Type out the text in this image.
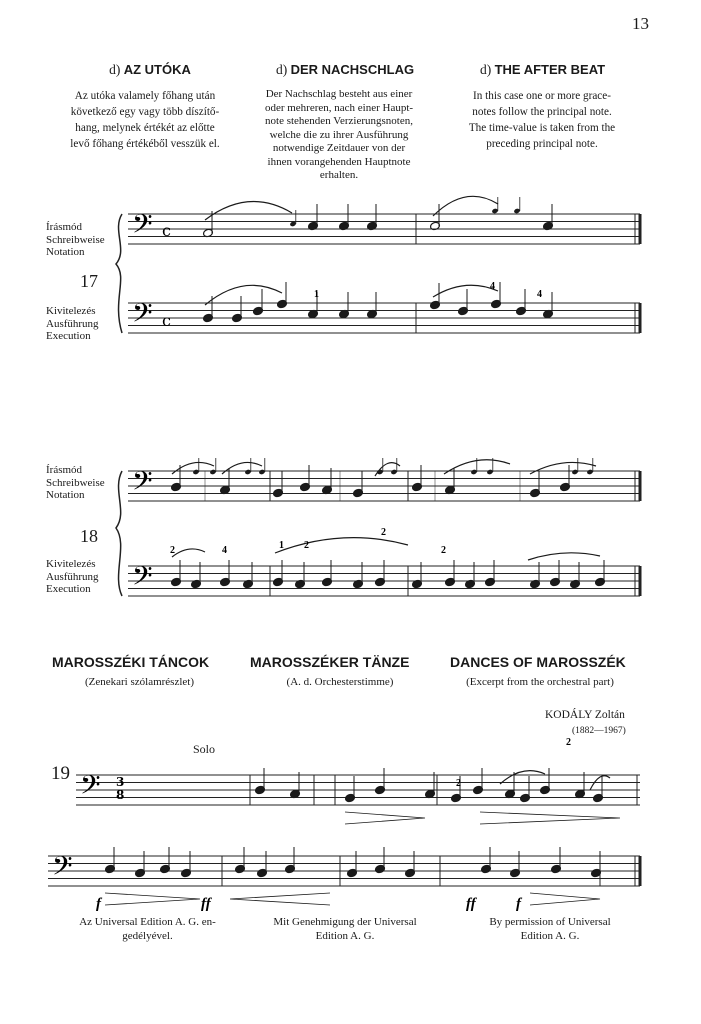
13
d) AZ UTÓKA	d) DER NACHSCHLAG	d) THE AFTER BEAT
Az utóka valamely főhang után
következő egy vagy több díszítő-
hang, melynek értékét az előtte
levő főhang értékéből vesszük el.
Der Nachschlag besteht aus einer
oder mehreren, nach einer Haupt-
note stehenden Verzierungsnoten,
welche die zu ihrer Ausführung
notwendige Zeitdauer von der
ihnen vorangehenden Hauptnote
erhalten.
In this case one or more grace-
notes follow the principal note.
The time-value is taken from the
preceding principal note.
Írásmód
Schreibweise
Notation
17
Kivitelezés
Ausführung
Execution
Írásmód
Schreibweise
Notation
18
Kivitelezés
Ausführung
Execution
MAROSSZÉKI TÁNCOK	MAROSSZÉKER TÄNZE	DANCES OF MAROSSZÉK
(Zenekari szólamrészlet)	(A. d. Orchesterstimme)	(Excerpt from the orchestral part)
KODÁLY Zoltán
(1882—1967)
19
Solo
Az Universal Edition A. G. en-
gedélyével.
Mit Genehmigung der Universal
Edition A. G.
By permission of Universal
Edition A. G.
𝄢
𝄢
c
c
𝄢
𝄢
𝄢
𝄢
3
8
1
4
4
2	4	1 2
2
2
2
2
f	ff	ff	f
